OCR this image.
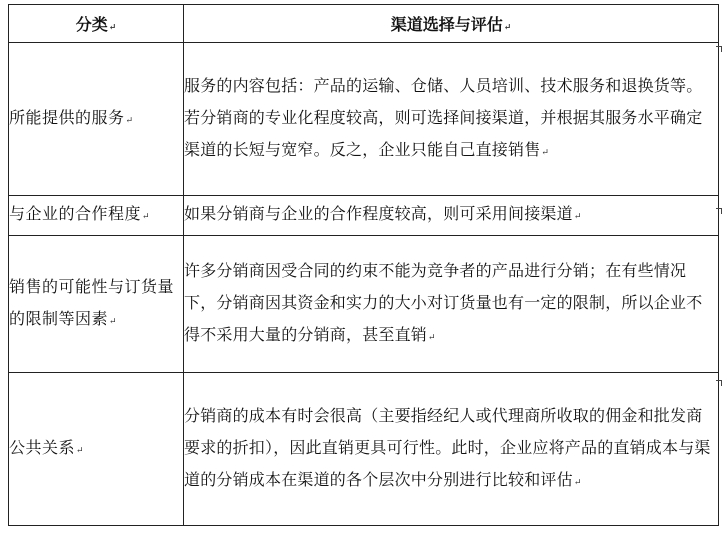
分类↵	渠道选择与评估↵
所能提供的服务↵	服务的内容包括：产品的运输、仓储、人员培训、技术服务和退换货等。若分销商的专业化程度较高，则可选择间接渠道，并根据其服务水平确定渠道的长短与宽窄。反之，企业只能自己直接销售↵
与企业的合作程度↵	如果分销商与企业的合作程度较高，则可采用间接渠道↵
销售的可能性与订货量的限制等因素↵	许多分销商因受合同的约束不能为竞争者的产品进行分销；在有些情况下，分销商因其资金和实力的大小对订货量也有一定的限制，所以企业不得不采用大量的分销商，甚至直销↵
公共关系↵	分销商的成本有时会很高（主要指经纪人或代理商所收取的佣金和批发商要求的折扣），因此直销更具可行性。此时，企业应将产品的直销成本与渠道的分销成本在渠道的各个层次中分别进行比较和评估↵
